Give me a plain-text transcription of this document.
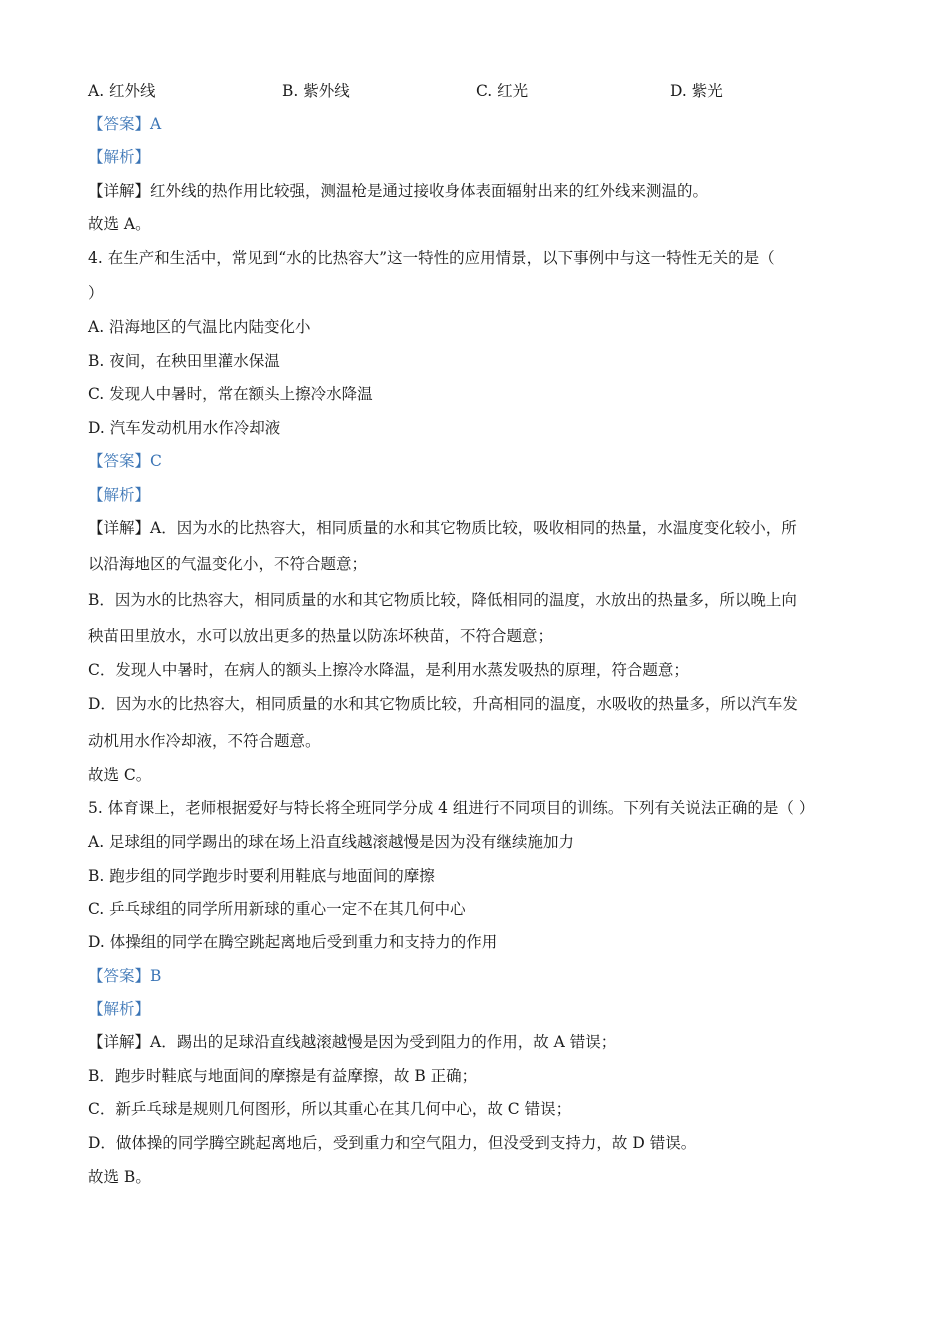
A. 红外线	B. 紫外线	C. 红光	D. 紫光
【答案】A
【解析】
【详解】红外线的热作用比较强，测温枪是通过接收身体表面辐射出来的红外线来测温的。
故选 A。
4. 在生产和生活中，常见到“水的比热容大”这一特性的应用情景，以下事例中与这一特性无关的是（
）
A. 沿海地区的气温比内陆变化小
B. 夜间，在秧田里灌水保温
C. 发现人中暑时，常在额头上擦冷水降温
D. 汽车发动机用水作冷却液
【答案】C
【解析】
【详解】A．因为水的比热容大，相同质量的水和其它物质比较，吸收相同的热量，水温度变化较小，所
以沿海地区的气温变化小，不符合题意；
B．因为水的比热容大，相同质量的水和其它物质比较，降低相同的温度，水放出的热量多，所以晚上向
秧苗田里放水，水可以放出更多的热量以防冻坏秧苗，不符合题意；
C．发现人中暑时，在病人的额头上擦冷水降温，是利用水蒸发吸热的原理，符合题意；
D．因为水的比热容大，相同质量的水和其它物质比较，升高相同的温度，水吸收的热量多，所以汽车发
动机用水作冷却液，不符合题意。
故选 C。
5. 体育课上，老师根据爱好与特长将全班同学分成 4 组进行不同项目的训练。下列有关说法正确的是（ ）
A. 足球组的同学踢出的球在场上沿直线越滚越慢是因为没有继续施加力
B. 跑步组的同学跑步时要利用鞋底与地面间的摩擦
C. 乒乓球组的同学所用新球的重心一定不在其几何中心
D. 体操组的同学在腾空跳起离地后受到重力和支持力的作用
【答案】B
【解析】
【详解】A．踢出的足球沿直线越滚越慢是因为受到阻力的作用，故 A 错误；
B．跑步时鞋底与地面间的摩擦是有益摩擦，故 B 正确；
C．新乒乓球是规则几何图形，所以其重心在其几何中心，故 C 错误；
D．做体操的同学腾空跳起离地后，受到重力和空气阻力，但没受到支持力，故 D 错误。
故选 B。
